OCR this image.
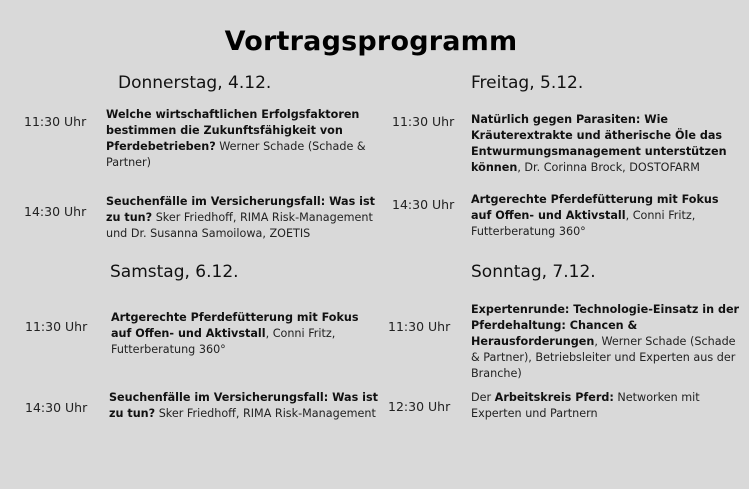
Vortragsprogramm
Donnerstag, 4.12.
11:30 Uhr Welche wirtschaftlichen Erfolgsfaktoren bestimmen die Zukunftsfähigkeit von Pferdebetrieben? Werner Schade (Schade & Partner)
14:30 Uhr
Seuchenfälle im Versicherungsfall: Was ist zu tun? Sker Friedhoff, RIMA Risk-Management und Dr. Susanna Samoilowa, ZOETIS
Freitag, 5.12.
11:30 Uhr Natürlich gegen Parasiten: Wie Kräuterextrakte und ätherische Öle das Entwurmungsmanagement unterstützen können, Dr. Corinna Brock, DOSTOFARM
14:30 Uhr Artgerechte Pferdefütterung mit Fokus auf Offen- und Aktivstall, Conni Fritz, Futterberatung 360°
Samstag, 6.12.
11:30 Uhr
Artgerechte Pferdefütterung mit Fokus auf Offen- und Aktivstall, Conni Fritz, Futterberatung 360°
14:30 Uhr
Seuchenfälle im Versicherungsfall: Was ist zu tun? Sker Friedhoff, RIMA Risk-Management
Sonntag, 7.12.
11:30 Uhr
Expertenrunde: Technologie-Einsatz in der Pferdehaltung: Chancen & Herausforderungen, Werner Schade (Schade & Partner), Betriebsleiter und Experten aus der Branche)
12:30 Uhr
Der Arbeitskreis Pferd: Networken mit Experten und Partnern
